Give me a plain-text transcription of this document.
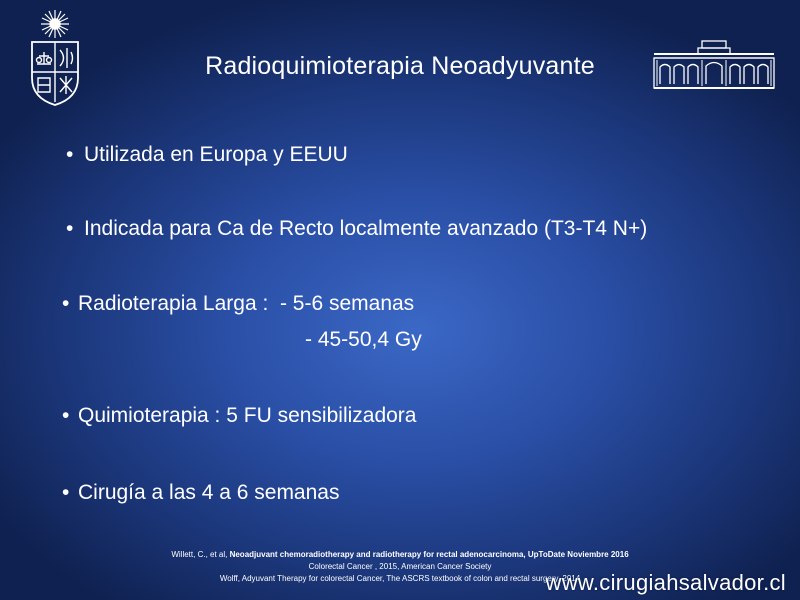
Radioquimioterapia Neoadyuvante
• Utilizada en Europa y EEUU
• Indicada para Ca de Recto localmente avanzado (T3-T4 N+)
• Radioterapia Larga :  - 5-6 semanas
- 45-50,4 Gy
• Quimioterapia : 5 FU sensibilizadora
• Cirugía a las 4 a 6 semanas
Willett, C., et al, Neoadjuvant chemoradiotherapy and radiotherapy for rectal adenocarcinoma, UpToDate Noviembre 2016
Colorectal Cancer , 2015, American Cancer Society
Wolff, Adyuvant Therapy for colorectal Cancer, The ASCRS textbook of colon and rectal surgery, 2014
www.cirugiahsalvador.cl
